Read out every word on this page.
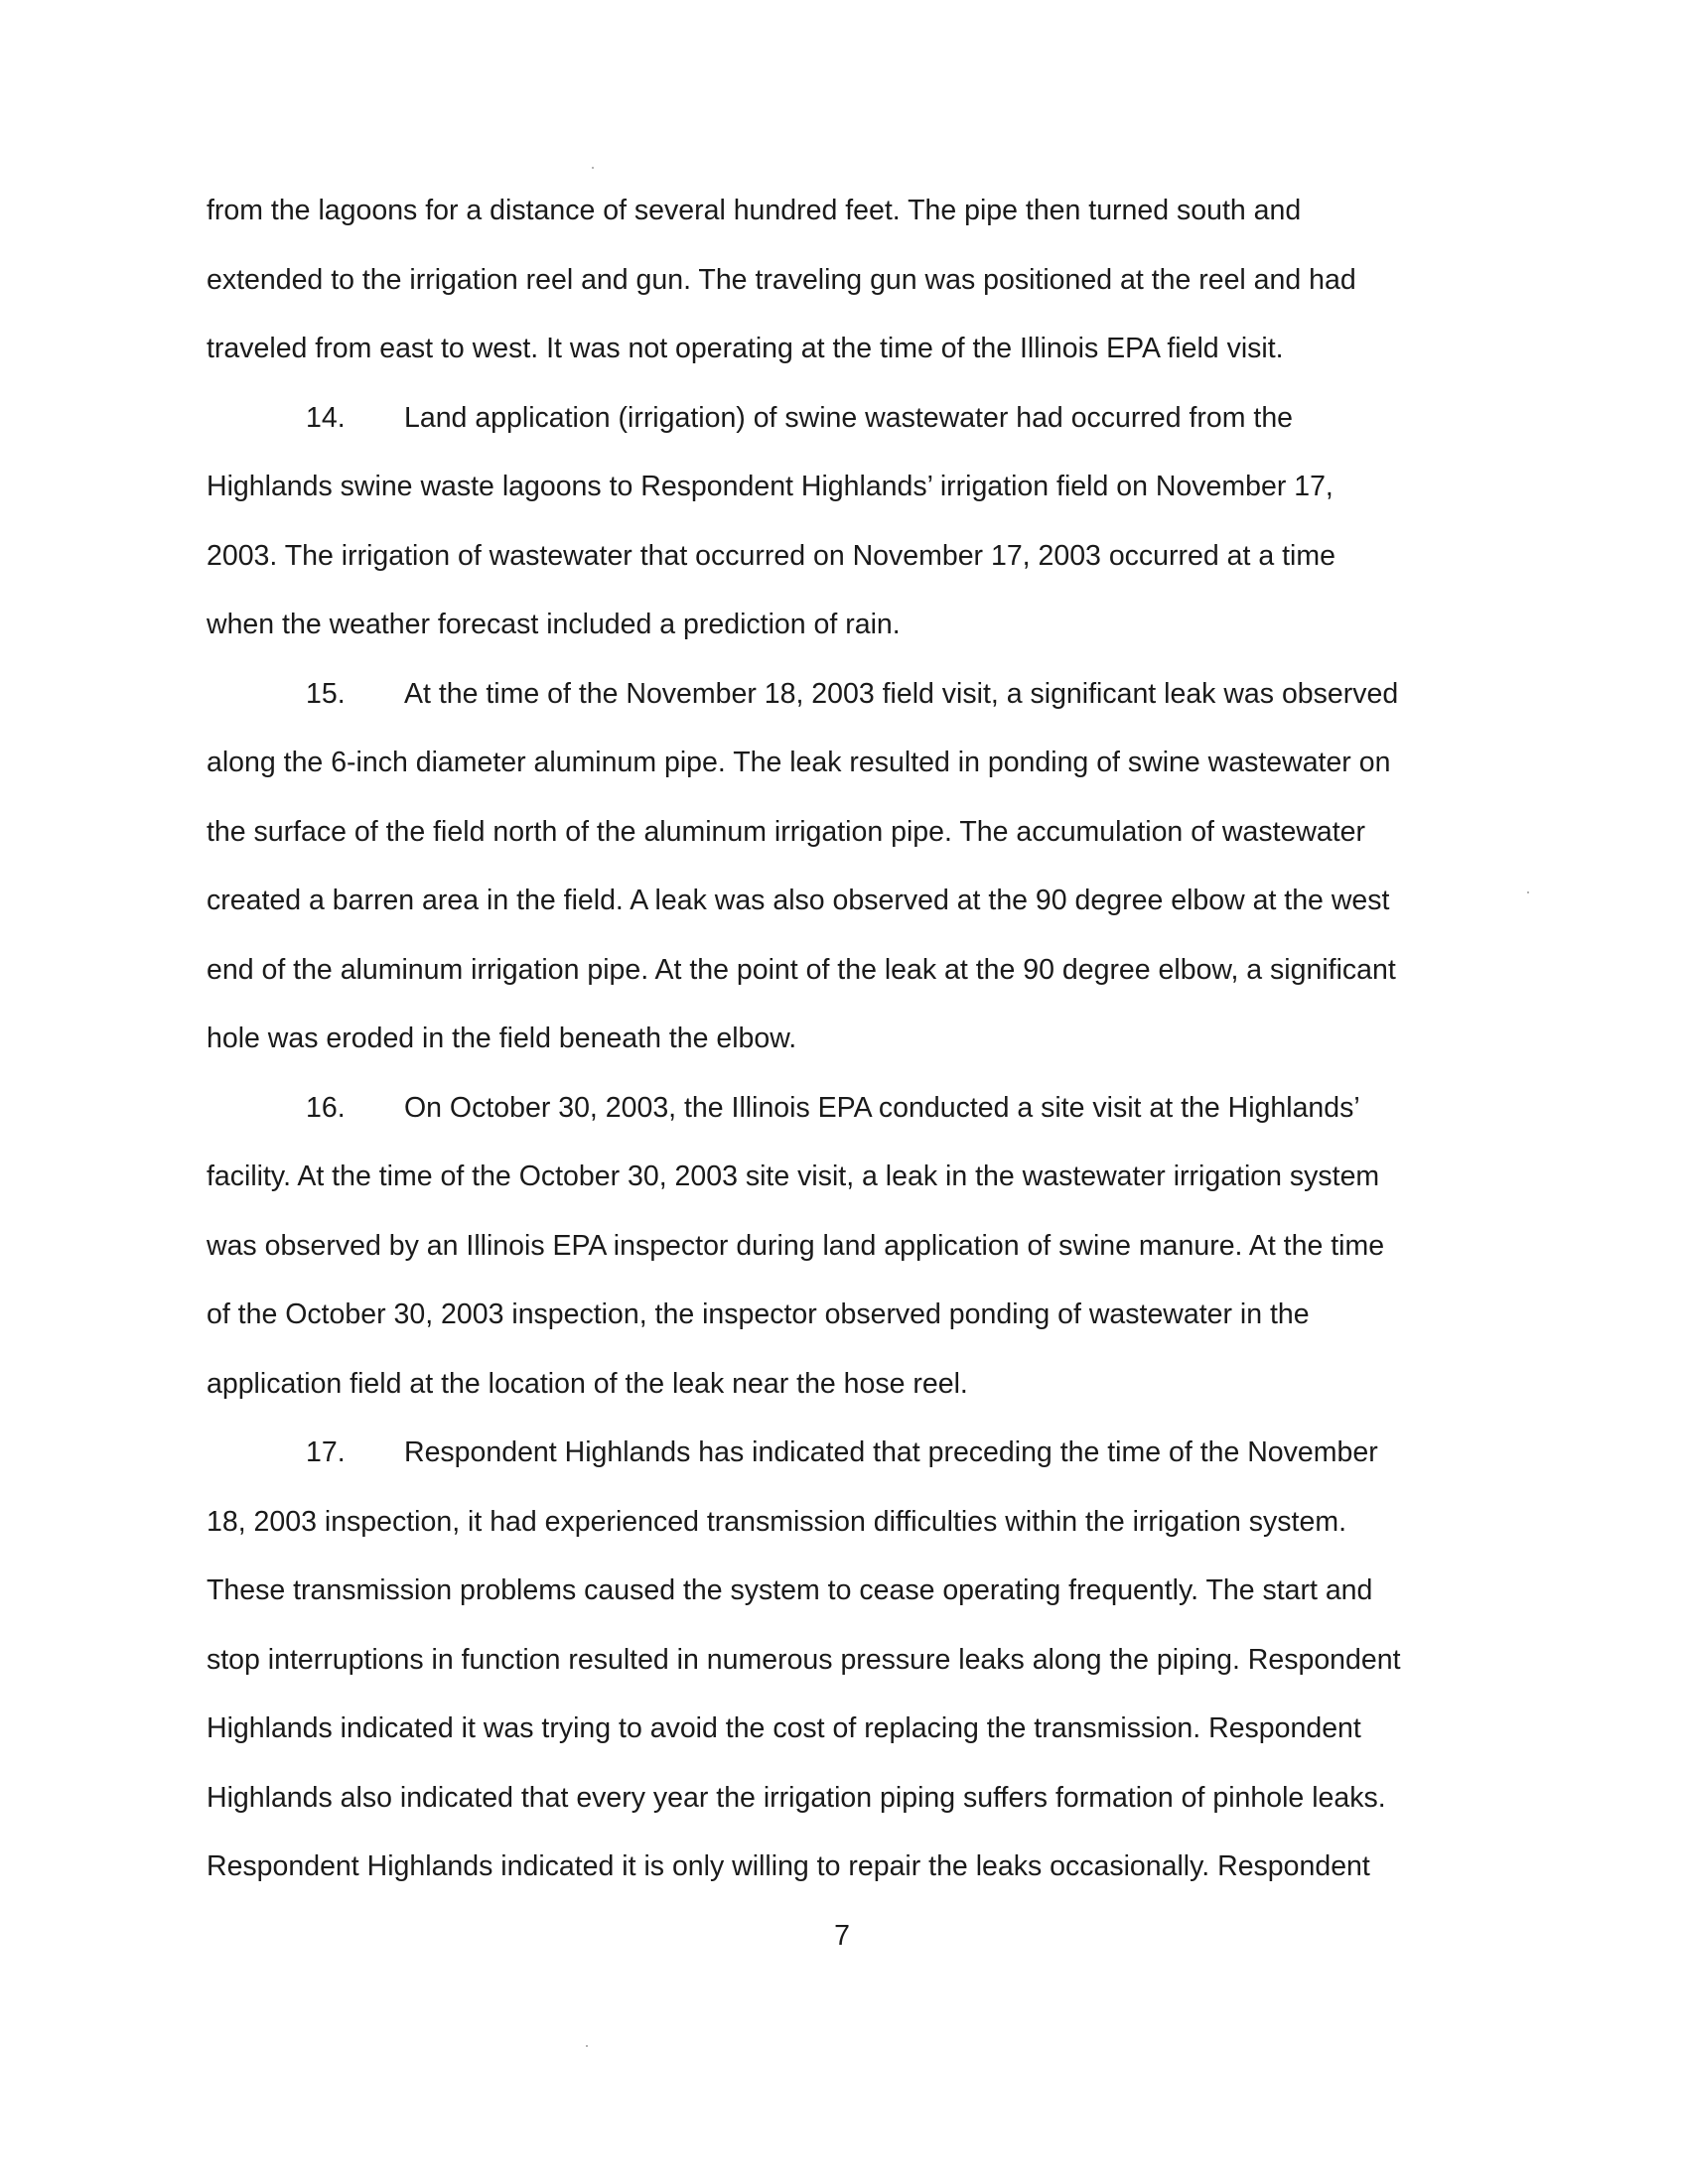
from the lagoons for a distance of several hundred feet. The pipe then turned south and
extended to the irrigation reel and gun. The traveling gun was positioned at the reel and had
traveled from east to west. It was not operating at the time of the Illinois EPA field visit.
14. Land application (irrigation) of swine wastewater had occurred from the
Highlands swine waste lagoons to Respondent Highlands’ irrigation field on November 17,
2003. The irrigation of wastewater that occurred on November 17, 2003 occurred at a time
when the weather forecast included a prediction of rain.
15. At the time of the November 18, 2003 field visit, a significant leak was observed
along the 6-inch diameter aluminum pipe. The leak resulted in ponding of swine wastewater on
the surface of the field north of the aluminum irrigation pipe. The accumulation of wastewater
created a barren area in the field. A leak was also observed at the 90 degree elbow at the west
end of the aluminum irrigation pipe. At the point of the leak at the 90 degree elbow, a significant
hole was eroded in the field beneath the elbow.
16. On October 30, 2003, the Illinois EPA conducted a site visit at the Highlands’
facility. At the time of the October 30, 2003 site visit, a leak in the wastewater irrigation system
was observed by an Illinois EPA inspector during land application of swine manure. At the time
of the October 30, 2003 inspection, the inspector observed ponding of wastewater in the
application field at the location of the leak near the hose reel.
17. Respondent Highlands has indicated that preceding the time of the November
18, 2003 inspection, it had experienced transmission difficulties within the irrigation system.
These transmission problems caused the system to cease operating frequently. The start and
stop interruptions in function resulted in numerous pressure leaks along the piping. Respondent
Highlands indicated it was trying to avoid the cost of replacing the transmission. Respondent
Highlands also indicated that every year the irrigation piping suffers formation of pinhole leaks.
Respondent Highlands indicated it is only willing to repair the leaks occasionally. Respondent
7
